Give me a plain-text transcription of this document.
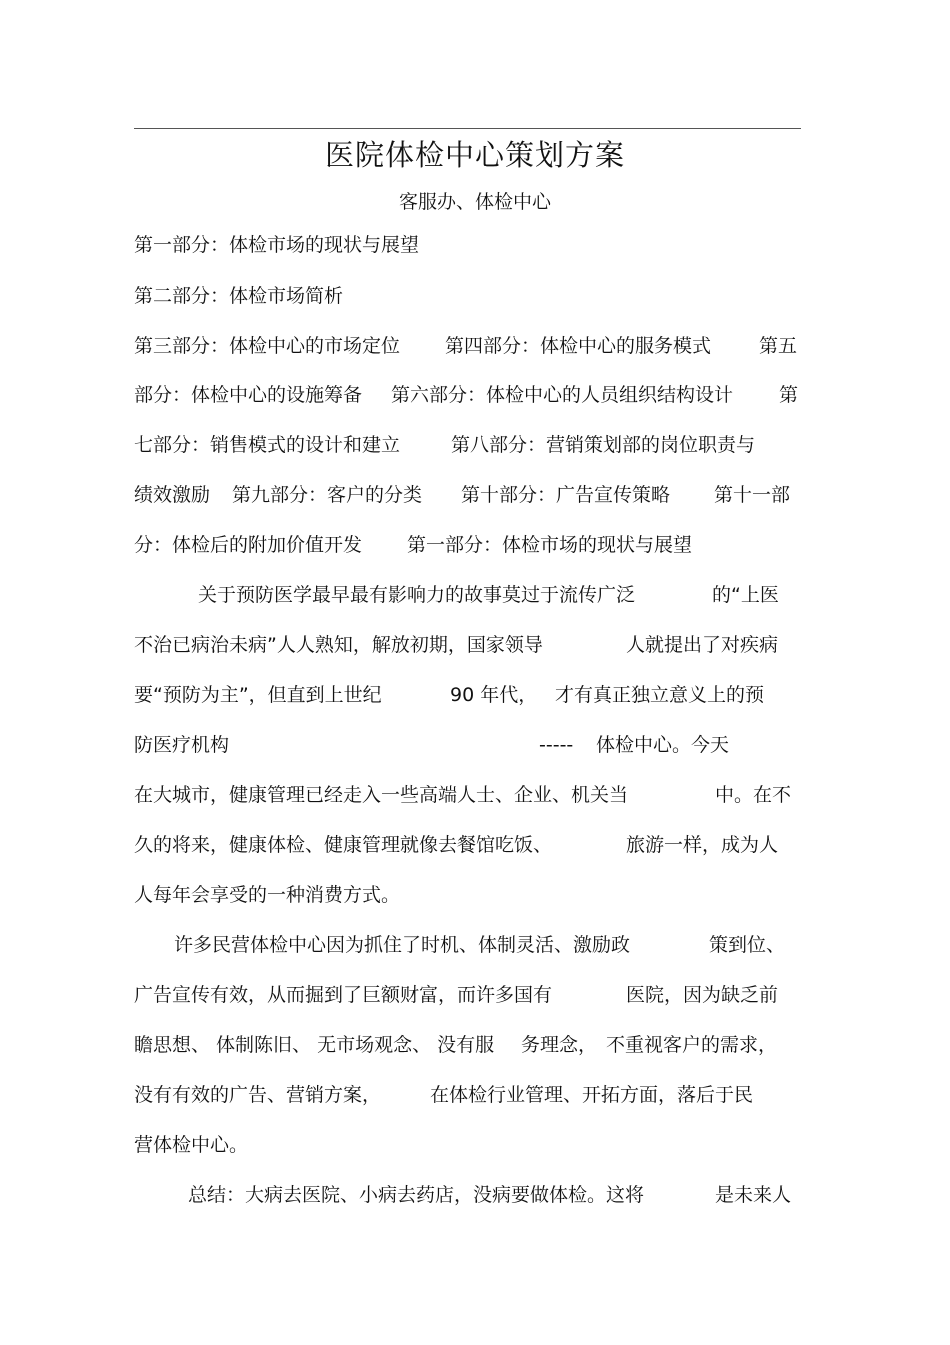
医院体检中心策划方案
客服办、体检中心
第一部分：体检市场的现状与展望
第二部分：体检市场简析
第三部分：体检中心的市场定位 第四部分：体检中心的服务模式	第五
部分：体检中心的设施筹备 第六部分：体检中心的人员组织结构设计 第
七部分：销售模式的设计和建立	第八部分：营销策划部的岗位职责与
绩效激励 第九部分：客户的分类 第十部分：广告宣传策略 第十一部
分：体检后的附加价值开发 第一部分：体检市场的现状与展望
关于预防医学最早最有影响力的故事莫过于流传广泛	的“上医
不治已病治未病”人人熟知，解放初期，国家领导	人就提出了对疾病
要“预防为主”，但直到上世纪	90 年代， 才有真正独立意义上的预
防医疗机构	----- 体检中心。今天
在大城市，健康管理已经走入一些高端人士、企业、机关当	中。在不
久的将来，健康体检、健康管理就像去餐馆吃饭、	旅游一样，成为人
人每年会享受的一种消费方式。
许多民营体检中心因为抓住了时机、体制灵活、激励政	策到位、
广告宣传有效，从而掘到了巨额财富，而许多国有	医院，因为缺乏前
瞻思想、 体制陈旧、 无市场观念、 没有服 务理念， 不重视客户的需求，
没有有效的广告、营销方案，	在体检行业管理、开拓方面，落后于民
营体检中心。
总结：大病去医院、小病去药店，没病要做体检。这将	是未来人
